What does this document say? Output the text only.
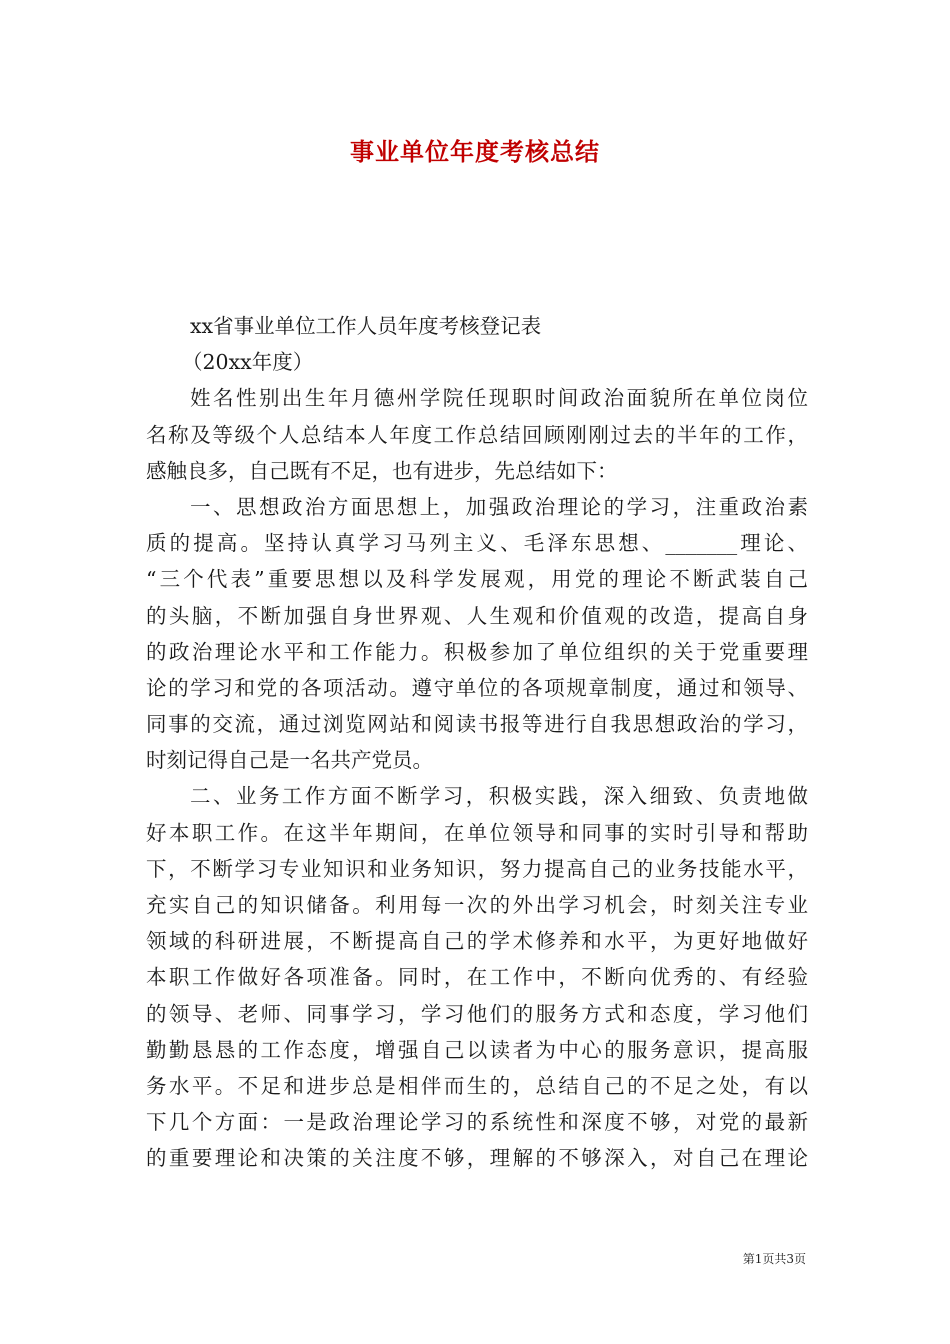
事业单位年度考核总结

xx省事业单位工作人员年度考核登记表

（20xx年度）

姓名性别出生年月德州学院任现职时间政治面貌所在单位岗位

名称及等级个人总结本人年度工作总结回顾刚刚过去的半年的工作，

感触良多，自己既有不足，也有进步，先总结如下：

一、思想政治方面思想上，加强政治理论的学习，注重政治素

质的提高。坚持认真学习马列主义、毛泽东思想、_______理论、

“三个代表”重要思想以及科学发展观，用党的理论不断武装自己

的头脑，不断加强自身世界观、人生观和价值观的改造，提高自身

的政治理论水平和工作能力。积极参加了单位组织的关于党重要理

论的学习和党的各项活动。遵守单位的各项规章制度，通过和领导、

同事的交流，通过浏览网站和阅读书报等进行自我思想政治的学习，

时刻记得自己是一名共产党员。

二、业务工作方面不断学习，积极实践，深入细致、负责地做

好本职工作。在这半年期间，在单位领导和同事的实时引导和帮助

下，不断学习专业知识和业务知识，努力提高自己的业务技能水平，

充实自己的知识储备。利用每一次的外出学习机会，时刻关注专业

领域的科研进展，不断提高自己的学术修养和水平，为更好地做好

本职工作做好各项准备。同时，在工作中，不断向优秀的、有经验

的领导、老师、同事学习，学习他们的服务方式和态度，学习他们

勤勤恳恳的工作态度，增强自己以读者为中心的服务意识，提高服

务水平。不足和进步总是相伴而生的，总结自己的不足之处，有以

下几个方面：一是政治理论学习的系统性和深度不够，对党的最新

的重要理论和决策的关注度不够，理解的不够深入，对自己在理论

第1页共3页
